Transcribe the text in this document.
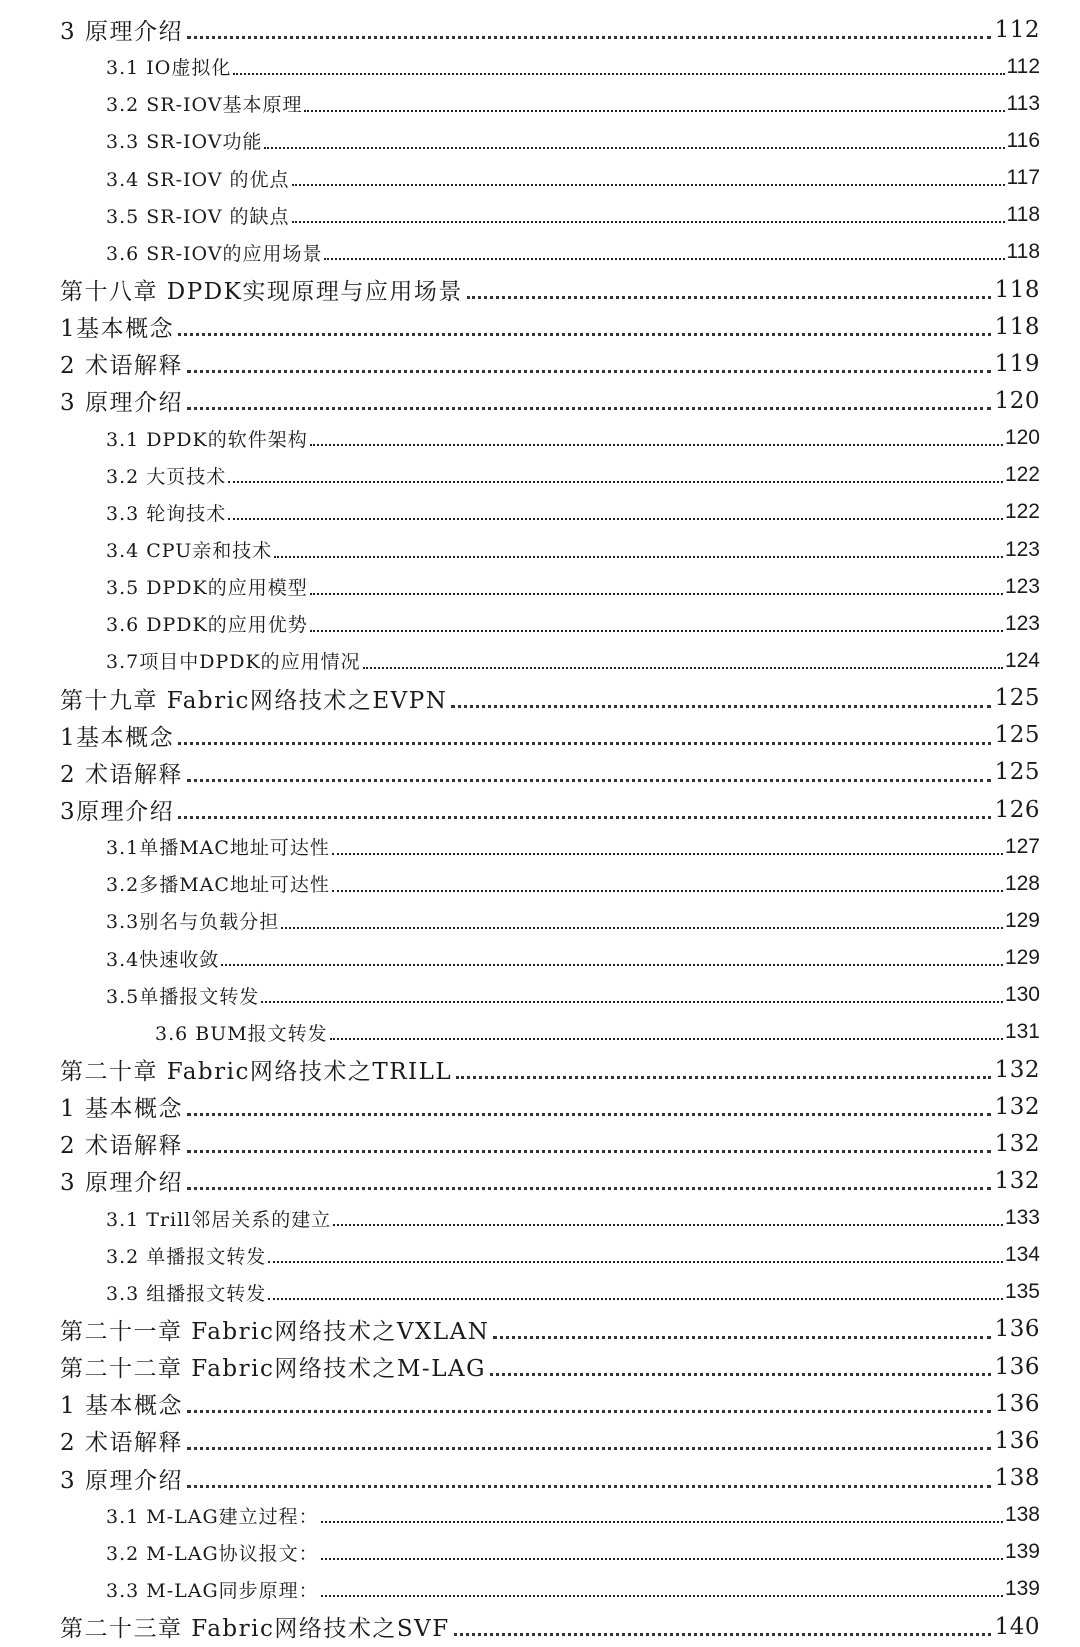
3 原理介绍	112
3.1 IO虚拟化	112
3.2 SR-IOV基本原理	113
3.3 SR-IOV功能	116
3.4 SR-IOV 的优点	117
3.5 SR-IOV 的缺点	118
3.6 SR-IOV的应用场景	118
第十八章 DPDK实现原理与应用场景	118
1基本概念	118
2 术语解释	119
3 原理介绍	120
3.1 DPDK的软件架构	120
3.2 大页技术	122
3.3 轮询技术	122
3.4 CPU亲和技术	123
3.5 DPDK的应用模型	123
3.6 DPDK的应用优势	123
3.7项目中DPDK的应用情况	124
第十九章 Fabric网络技术之EVPN	125
1基本概念	125
2 术语解释	125
3原理介绍	126
3.1单播MAC地址可达性	127
3.2多播MAC地址可达性	128
3.3别名与负载分担	129
3.4快速收敛	129
3.5单播报文转发	130
3.6 BUM报文转发	131
第二十章 Fabric网络技术之TRILL	132
1 基本概念	132
2 术语解释	132
3 原理介绍	132
3.1 Trill邻居关系的建立	133
3.2 单播报文转发	134
3.3 组播报文转发	135
第二十一章 Fabric网络技术之VXLAN	136
第二十二章 Fabric网络技术之M-LAG	136
1 基本概念	136
2 术语解释	136
3 原理介绍	138
3.1 M-LAG建立过程：	138
3.2 M-LAG协议报文：	139
3.3 M-LAG同步原理：	139
第二十三章 Fabric网络技术之SVF	140
